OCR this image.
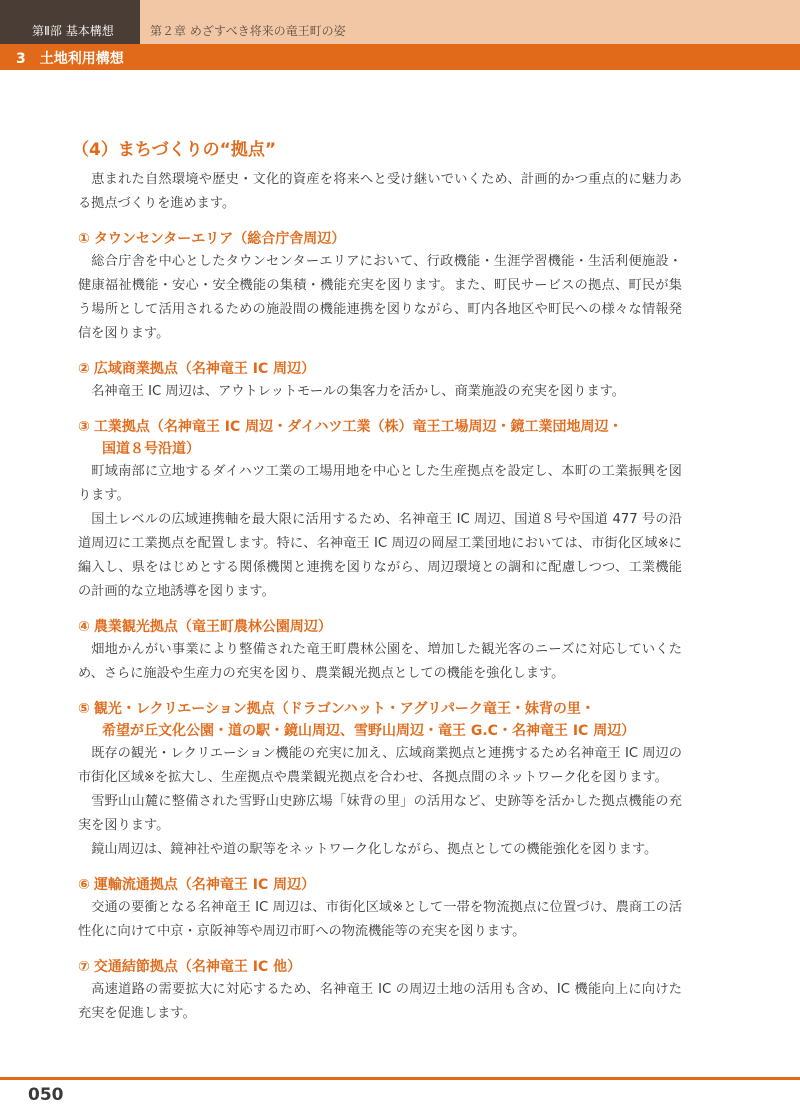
第Ⅱ部 基本構想	第２章 めざすべき将来の竜王町の姿
3　土地利用構想
（4）まちづくりの“拠点”

恵まれた自然環境や歴史・文化的資産を将来へと受け継いでいくため、計画的かつ重点的に魅力ある拠点づくりを進めます。

① タウンセンターエリア（総合庁舎周辺）

総合庁舎を中心としたタウンセンターエリアにおいて、行政機能・生涯学習機能・生活利便施設・健康福祉機能・安心・安全機能の集積・機能充実を図ります。また、町民サービスの拠点、町民が集う場所として活用されるための施設間の機能連携を図りながら、町内各地区や町民への様々な情報発信を図ります。

② 広域商業拠点（名神竜王 IC 周辺）

名神竜王 IC 周辺は、アウトレットモールの集客力を活かし、商業施設の充実を図ります。

③ 工業拠点（名神竜王 IC 周辺・ダイハツ工業（株）竜王工場周辺・鏡工業団地周辺・
国道８号沿道）

町域南部に立地するダイハツ工業の工場用地を中心とした生産拠点を設定し、本町の工業振興を図ります。

国土レベルの広域連携軸を最大限に活用するため、名神竜王 IC 周辺、国道８号や国道 477 号の沿道周辺に工業拠点を配置します。特に、名神竜王 IC 周辺の岡屋工業団地においては、市街化区域※に編入し、県をはじめとする関係機関と連携を図りながら、周辺環境との調和に配慮しつつ、工業機能の計画的な立地誘導を図ります。

④ 農業観光拠点（竜王町農林公園周辺）

畑地かんがい事業により整備された竜王町農林公園を、増加した観光客のニーズに対応していくため、さらに施設や生産力の充実を図り、農業観光拠点としての機能を強化します。

⑤ 観光・レクリエーション拠点（ドラゴンハット・アグリパーク竜王・妹背の里・
希望が丘文化公園・道の駅・鏡山周辺、雪野山周辺・竜王 G.C・名神竜王 IC 周辺）

既存の観光・レクリエーション機能の充実に加え、広域商業拠点と連携するため名神竜王 IC 周辺の市街化区域※を拡大し、生産拠点や農業観光拠点を合わせ、各拠点間のネットワーク化を図ります。

雪野山山麓に整備された雪野山史跡広場「妹背の里」の活用など、史跡等を活かした拠点機能の充実を図ります。

鏡山周辺は、鏡神社や道の駅等をネットワーク化しながら、拠点としての機能強化を図ります。

⑥ 運輸流通拠点（名神竜王 IC 周辺）

交通の要衝となる名神竜王 IC 周辺は、市街化区域※として一帯を物流拠点に位置づけ、農商工の活性化に向けて中京・京阪神等や周辺市町への物流機能等の充実を図ります。

⑦ 交通結節拠点（名神竜王 IC 他）

高速道路の需要拡大に対応するため、名神竜王 IC の周辺土地の活用も含め、IC 機能向上に向けた充実を促進します。

050
